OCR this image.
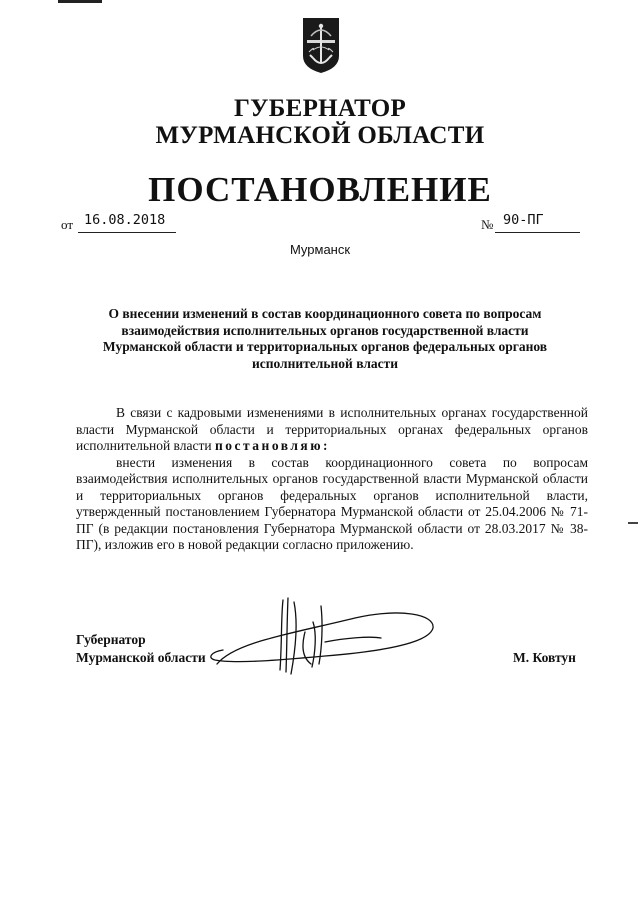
ГУБЕРНАТОР
МУРМАНСКОЙ ОБЛАСТИ
ПОСТАНОВЛЕНИЕ
от 16.08.2018	№ 90-ПГ
Мурманск
О внесении изменений в состав координационного совета по вопросам взаимодействия исполнительных органов государственной власти Мурманской области и территориальных органов федеральных органов исполнительной власти

В связи с кадровыми изменениями в исполнительных органах государственной власти Мурманской области и территориальных органах федеральных органов исполнительной власти постановляю:

внести изменения в состав координационного совета по вопросам взаимодействия исполнительных органов государственной власти Мурманской области и территориальных органов федеральных органов исполнительной власти, утвержденный постановлением Губернатора Мурманской области от 25.04.2006 № 71-ПГ (в редакции постановления Губернатора Мурманской области от 28.03.2017 № 38-ПГ), изложив его в новой редакции согласно приложению.

Губернатор
Мурманской области	М. Ковтун
